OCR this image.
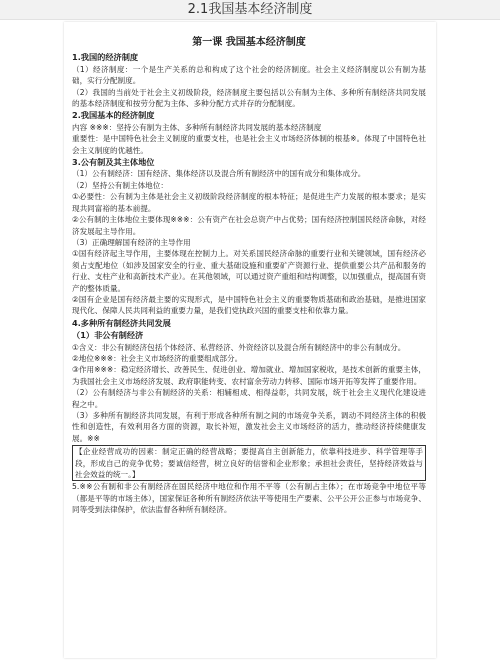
2.1我国基本经济制度
第一课 我国基本经济制度
1.我国的经济制度

（1）经济制度：一个是生产关系的总和构成了这个社会的经济制度。社会主义经济制度以公有制为基础，实行分配制度。

（2）我国的当前处于社会主义初级阶段，经济制度主要包括以公有制为主体、多种所有制经济共同发展的基本经济制度和按劳分配为主体、多种分配方式并存的分配制度。

2.我国基本的经济制度

内容 ※※※：坚持公有制为主体、多种所有制经济共同发展的基本经济制度

重要性：是中国特色社会主义制度的重要支柱，也是社会主义市场经济体制的根基※。体现了中国特色社会主义制度的优越性。

3.公有制及其主体地位

（1）公有制经济：国有经济、集体经济以及混合所有制经济中的国有成分和集体成分。

（2）坚持公有制主体地位：

①必要性：公有制为主体是社会主义初级阶段经济制度的根本特征；是促进生产力发展的根本要求；是实现共同富裕的基本前提。

②公有制的主体地位主要体现※※※：公有资产在社会总资产中占优势；国有经济控制国民经济命脉，对经济发展起主导作用。

（3）正确理解国有经济的主导作用

①国有经济起主导作用，主要体现在控制力上。对关系国民经济命脉的重要行业和关键领域，国有经济必须占支配地位（如涉及国家安全的行业、重大基础设施和重要矿产资源行业、提供重要公共产品和服务的行业、支柱产业和高新技术产业）。在其他领域，可以通过资产重组和结构调整，以加强重点，提高国有资产的整体质量。

②国有企业是国有经济最主要的实现形式，是中国特色社会主义的重要物质基础和政治基础，是推进国家现代化、保障人民共同利益的重要力量，是我们党执政兴国的重要支柱和依靠力量。

4.多种所有制经济共同发展
（1）非公有制经济

①含义：非公有制经济包括个体经济、私营经济、外资经济以及混合所有制经济中的非公有制成分。

②地位※※※：社会主义市场经济的重要组成部分。

③作用※※※：稳定经济增长、改善民生、促进创业、增加就业、增加国家税收，是技术创新的重要主体，为我国社会主义市场经济发展、政府职能转变、农村富余劳动力转移、国际市场开拓等发挥了重要作用。

（2）公有制经济与非公有制经济的关系：相辅相成、相得益彰，共同发展，统于社会主义现代化建设进程之中。

（3）多种所有制经济共同发展，有利于形成各种所有制之间的市场竞争关系，调动不同经济主体的积极性和创造性，有效利用各方面的资源，取长补短，激发社会主义市场经济的活力，推动经济持续健康发展。※※

【企业经营成功的因素：制定正确的经营战略；要提高自主创新能力，依靠科技进步、科学管理等手段，形成自己的竞争优势；要诚信经营，树立良好的信誉和企业形象；承担社会责任，坚持经济效益与社会效益的统一。】

5.※※公有制和非公有制经济在国民经济中地位和作用不平等（公有制占主体）；在市场竞争中地位平等（都是平等的市场主体），国家保证各种所有制经济依法平等使用生产要素、公平公开公正参与市场竞争、同等受到法律保护，依法监督各种所有制经济。
